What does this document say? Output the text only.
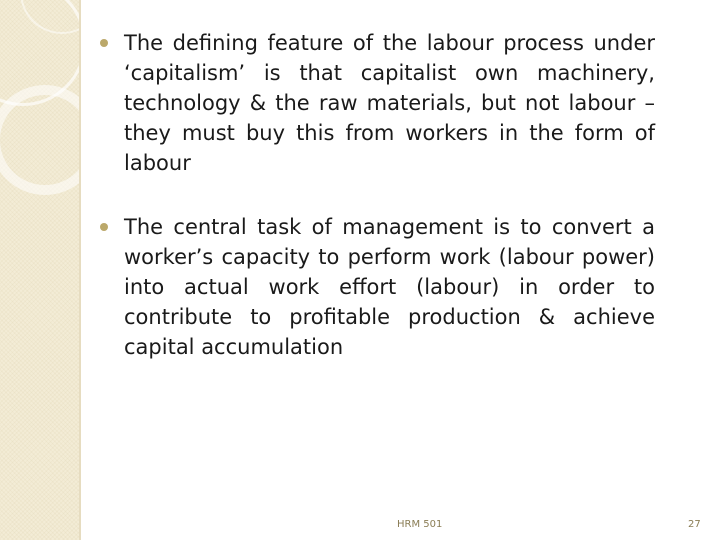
The defining feature of the labour process under ‘capitalism’ is that capitalist own machinery, technology & the raw materials, but not labour – they must buy this from workers in the form of labour
The central task of management is to convert a worker’s capacity to perform work (labour power) into actual work effort (labour) in order to contribute to profitable production & achieve capital accumulation
HRM 501	27
